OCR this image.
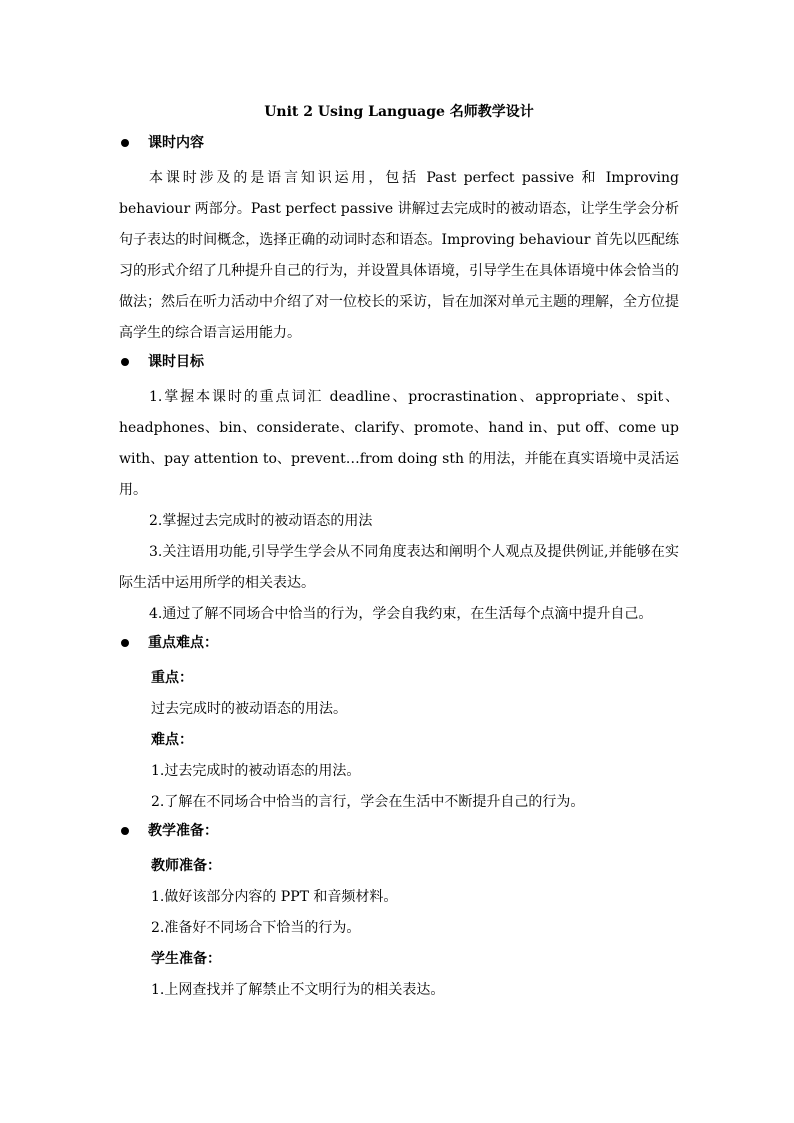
Unit 2 Using Language 名师教学设计
课时内容

本课时涉及的是语言知识运用，包括 Past perfect passive 和 Improving behaviour 两部分。Past perfect passive 讲解过去完成时的被动语态，让学生学会分析句子表达的时间概念，选择正确的动词时态和语态。Improving behaviour 首先以匹配练习的形式介绍了几种提升自己的行为，并设置具体语境，引导学生在具体语境中体会恰当的做法；然后在听力活动中介绍了对一位校长的采访，旨在加深对单元主题的理解，全方位提高学生的综合语言运用能力。

课时目标

1.掌握本课时的重点词汇 deadline、procrastination、appropriate、spit、headphones、bin、considerate、clarify、promote、hand in、put off、come up with、pay attention to、prevent…from doing sth 的用法，并能在真实语境中灵活运用。

2.掌握过去完成时的被动语态的用法

3.关注语用功能,引导学生学会从不同角度表达和阐明个人观点及提供例证,并能够在实际生活中运用所学的相关表达。

4.通过了解不同场合中恰当的行为，学会自我约束，在生活每个点滴中提升自己。

重点难点：

重点：

过去完成时的被动语态的用法。

难点：

1.过去完成时的被动语态的用法。

2.了解在不同场合中恰当的言行，学会在生活中不断提升自己的行为。

教学准备：

教师准备：

1.做好该部分内容的 PPT 和音频材料。

2.准备好不同场合下恰当的行为。

学生准备：

1.上网查找并了解禁止不文明行为的相关表达。
